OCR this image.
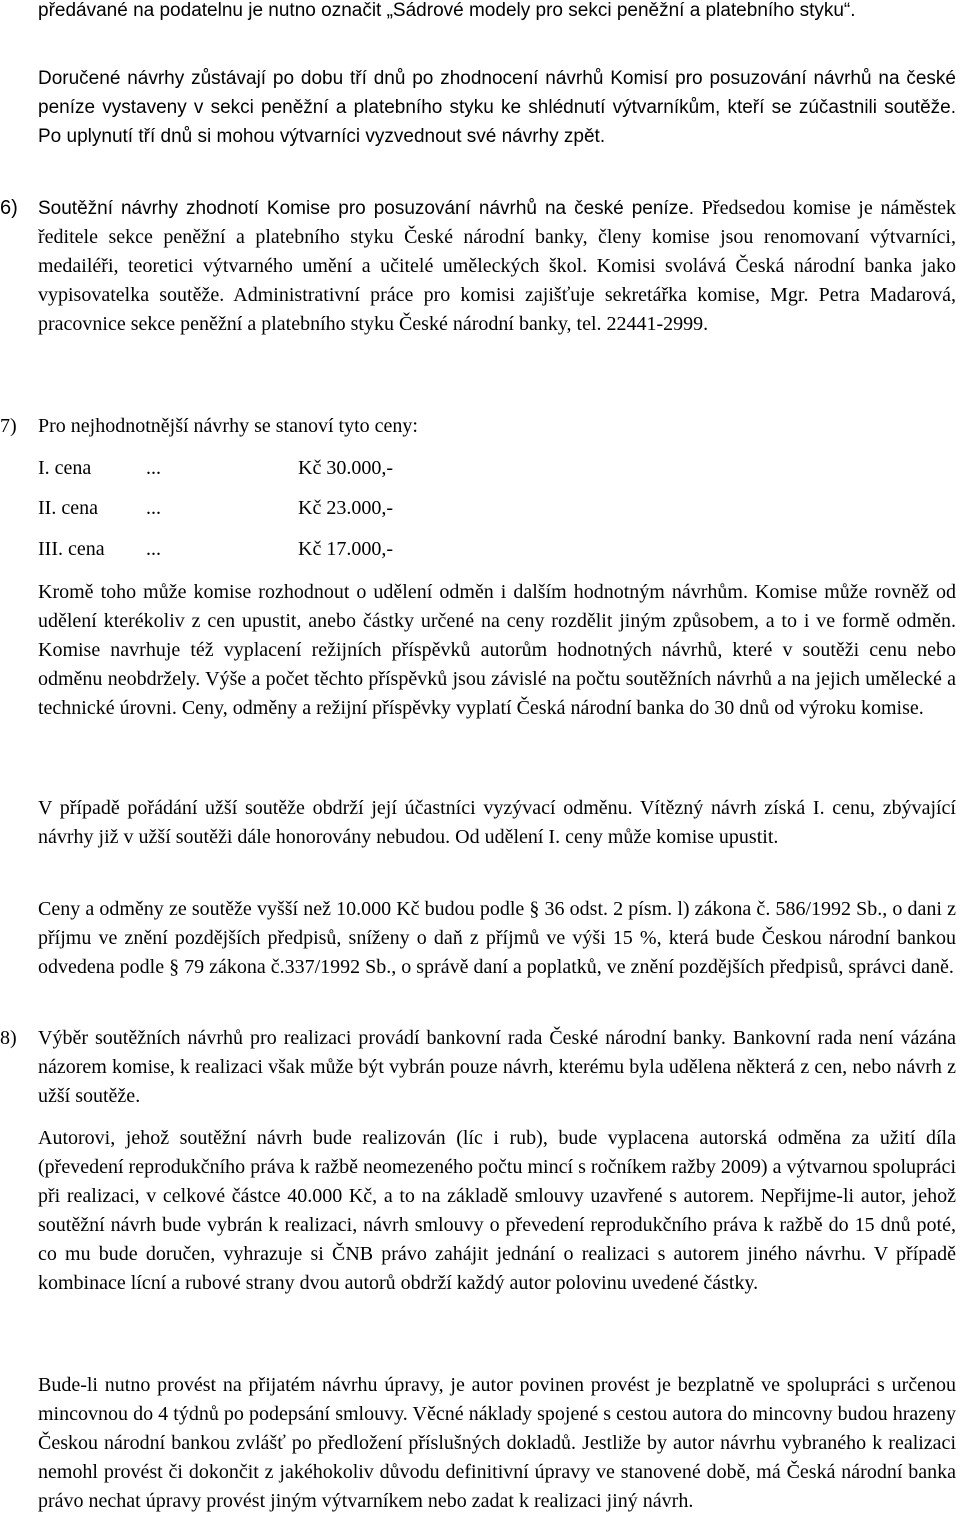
předávané na podatelnu je nutno označit „Sádrové modely pro sekci peněžní a platebního styku“.

Doručené návrhy zůstávají po dobu tří dnů po zhodnocení návrhů Komisí pro posuzování návrhů na české peníze vystaveny v sekci peněžní a platebního styku ke shlédnutí výtvarníkům, kteří se zúčastnili soutěže. Po uplynutí tří dnů si mohou výtvarníci vyzvednout své návrhy zpět.

6) Soutěžní návrhy zhodnotí Komise pro posuzování návrhů na české peníze. Předsedou komise je náměstek ředitele sekce peněžní a platebního styku České národní banky, členy komise jsou renomovaní výtvarníci, medailéři, teoretici výtvarného umění a učitelé uměleckých škol. Komisi svolává Česká národní banka jako vypisovatelka soutěže. Administrativní práce pro komisi zajišťuje sekretářka komise, Mgr. Petra Madarová, pracovnice sekce peněžní a platebního styku České národní banky, tel. 22441-2999.

7) Pro nejhodnotnější návrhy se stanoví tyto ceny:
I. cena	...	Kč 30.000,-
II. cena ...	Kč 23.000,-
III. cena ...	Kč 17.000,-

Kromě toho může komise rozhodnout o udělení odměn i dalším hodnotným návrhům. Komise může rovněž od udělení kterékoliv z cen upustit, anebo částky určené na ceny rozdělit jiným způsobem, a to i ve formě odměn. Komise navrhuje též vyplacení režijních příspěvků autorům hodnotných návrhů, které v soutěži cenu nebo odměnu neobdržely. Výše a počet těchto příspěvků jsou závislé na počtu soutěžních návrhů a na jejich umělecké a technické úrovni. Ceny, odměny a režijní příspěvky vyplatí Česká národní banka do 30 dnů od výroku komise.

V případě pořádání užší soutěže obdrží její účastníci vyzývací odměnu. Vítězný návrh získá I. cenu, zbývající návrhy již v užší soutěži dále honorovány nebudou. Od udělení I. ceny může komise upustit.

Ceny a odměny ze soutěže vyšší než 10.000 Kč budou podle § 36 odst. 2 písm. l) zákona č. 586/1992 Sb., o dani z příjmu ve znění pozdějších předpisů, sníženy o daň z příjmů ve výši 15 %, která bude Českou národní bankou odvedena podle § 79 zákona č.337/1992 Sb., o správě daní a poplatků, ve znění pozdějších předpisů, správci daně.

8) Výběr soutěžních návrhů pro realizaci provádí bankovní rada České národní banky. Bankovní rada není vázána názorem komise, k realizaci však může být vybrán pouze návrh, kterému byla udělena některá z cen, nebo návrh z užší soutěže.

Autorovi, jehož soutěžní návrh bude realizován (líc i rub), bude vyplacena autorská odměna za užití díla (převedení reprodukčního práva k ražbě neomezeného počtu mincí s ročníkem ražby 2009) a výtvarnou spolupráci při realizaci, v celkové částce 40.000 Kč, a to na základě smlouvy uzavřené s autorem. Nepřijme-li autor, jehož soutěžní návrh bude vybrán k realizaci, návrh smlouvy o převedení reprodukčního práva k ražbě do 15 dnů poté, co mu bude doručen, vyhrazuje si ČNB právo zahájit jednání o realizaci s autorem jiného návrhu. V případě kombinace lícní a rubové strany dvou autorů obdrží každý autor polovinu uvedené částky.

Bude-li nutno provést na přijatém návrhu úpravy, je autor povinen provést je bezplatně ve spolupráci s určenou mincovnou do 4 týdnů po podepsání smlouvy. Věcné náklady spojené s cestou autora do mincovny budou hrazeny Českou národní bankou zvlášť po předložení příslušných dokladů. Jestliže by autor návrhu vybraného k realizaci nemohl provést či dokončit z jakéhokoliv důvodu definitivní úpravy ve stanovené době, má Česká národní banka právo nechat úpravy provést jiným výtvarníkem nebo zadat k realizaci jiný návrh.
